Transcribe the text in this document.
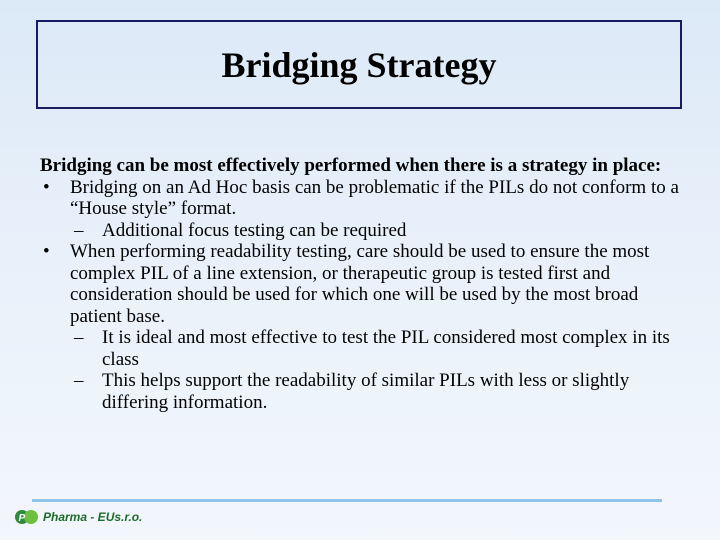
Bridging Strategy

Bridging can be most effectively performed when there is a strategy in place:

• Bridging on an Ad Hoc basis can be problematic if the PILs do not conform to a “House style” format.
– Additional focus testing can be required
• When performing readability testing, care should be used to ensure the most complex PIL of a line extension, or therapeutic group is tested first and consideration should be used for which one will be used by the most broad patient base.
– It is ideal and most effective to test the PIL considered most complex in its class
– This helps support the readability of similar PILs with less or slightly differing information.
P Pharma - EUs.r.o.
